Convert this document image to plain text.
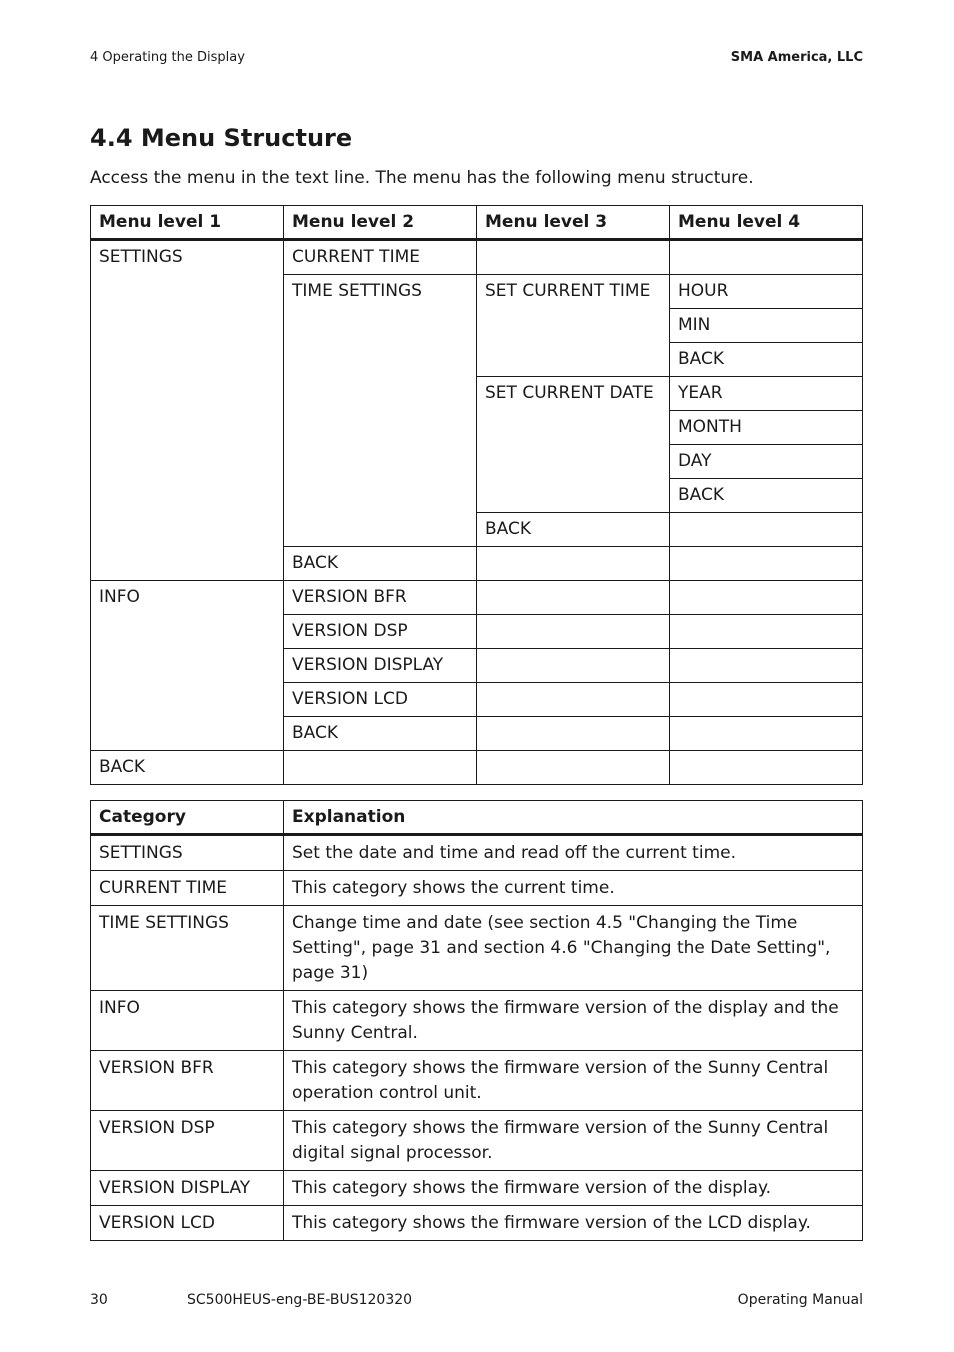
4 Operating the Display	SMA America, LLC
4.4 Menu Structure

Access the menu in the text line. The menu has the following menu structure.

Menu level 1	Menu level 2	Menu level 3	Menu level 4
SETTINGS	CURRENT TIME		
	TIME SETTINGS	SET CURRENT TIME	HOUR
			MIN
			BACK
		SET CURRENT DATE	YEAR
			MONTH
			DAY
			BACK
		BACK	
	BACK		
INFO	VERSION BFR		
	VERSION DSP		
	VERSION DISPLAY		
	VERSION LCD		
	BACK		
BACK			
Category	Explanation
SETTINGS	Set the date and time and read off the current time.
CURRENT TIME	This category shows the current time.
TIME SETTINGS	Change time and date (see section 4.5 "Changing the Time Setting", page 31 and section 4.6 "Changing the Date Setting", page 31)
INFO	This category shows the firmware version of the display and the Sunny Central.
VERSION BFR	This category shows the firmware version of the Sunny Central operation control unit.
VERSION DSP	This category shows the firmware version of the Sunny Central digital signal processor.
VERSION DISPLAY	This category shows the firmware version of the display.
VERSION LCD	This category shows the firmware version of the LCD display.
30	SC500HEUS-eng-BE-BUS120320	Operating Manual
